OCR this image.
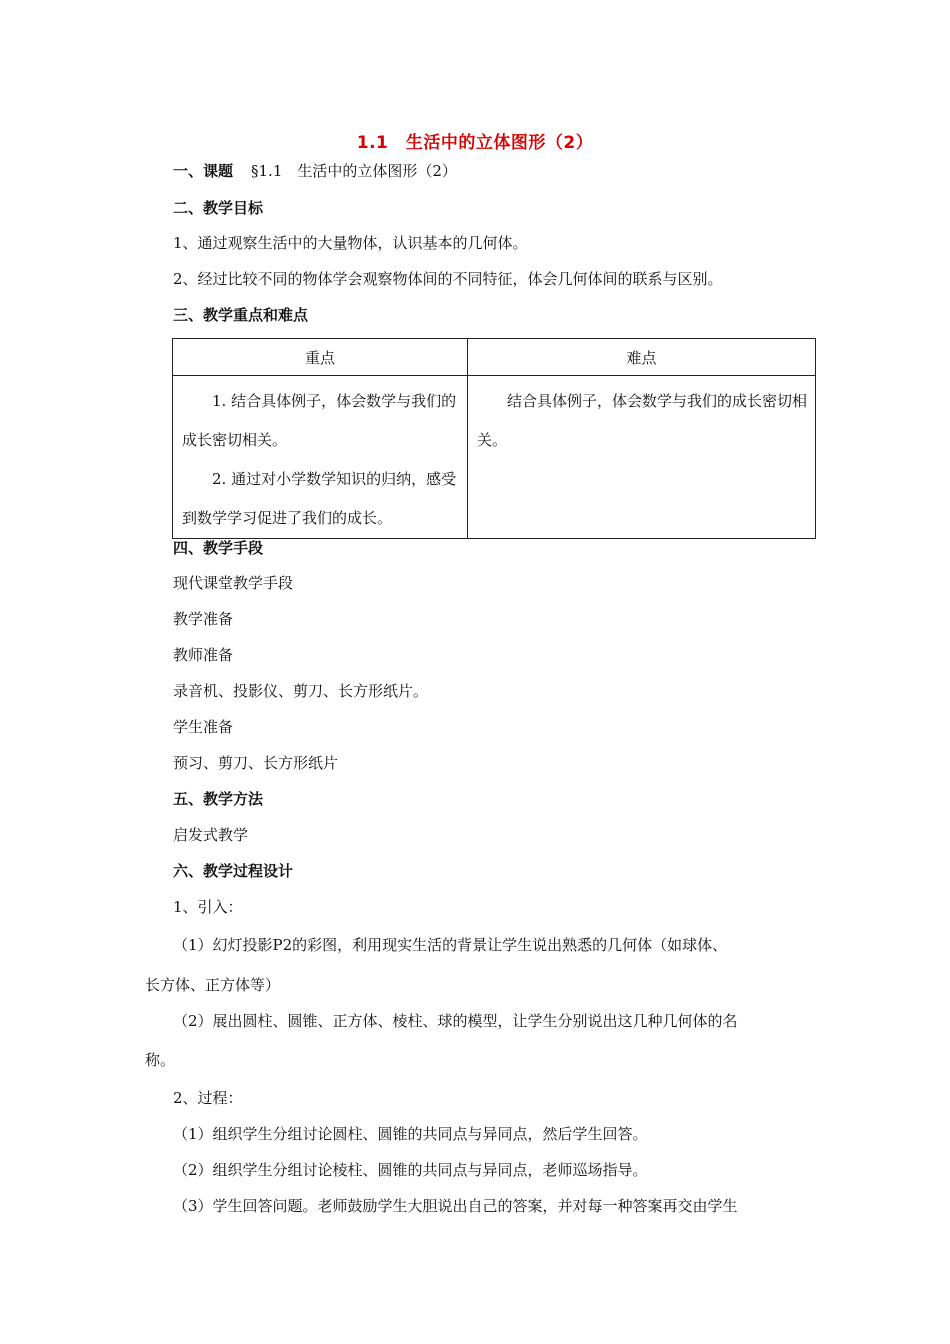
1.1　生活中的立体图形（2）
一、课题 §1.1　生活中的立体图形（2）
二、教学目标
1、通过观察生活中的大量物体，认识基本的几何体。
2、经过比较不同的物体学会观察物体间的不同特征，体会几何体间的联系与区别。
三、教学重点和难点
重点	难点

1. 结合具体例子，体会数学与我们的成长密切相关。

2. 通过对小学数学知识的归纳，感受到数学学习促进了我们的成长。	结合具体例子，体会数学与我们的成长密切相关。

四、教学手段
现代课堂教学手段
教学准备
教师准备
录音机、投影仪、剪刀、长方形纸片。
学生准备
预习、剪刀、长方形纸片
五、教学方法
启发式教学
六、教学过程设计
1、引入：
（1）幻灯投影P2的彩图，利用现实生活的背景让学生说出熟悉的几何体（如球体、
长方体、正方体等）
（2）展出圆柱、圆锥、正方体、棱柱、球的模型，让学生分别说出这几种几何体的名
称。
2、过程：
（1）组织学生分组讨论圆柱、圆锥的共同点与异同点，然后学生回答。
（2）组织学生分组讨论棱柱、圆锥的共同点与异同点，老师巡场指导。
（3）学生回答问题。老师鼓励学生大胆说出自己的答案，并对每一种答案再交由学生
